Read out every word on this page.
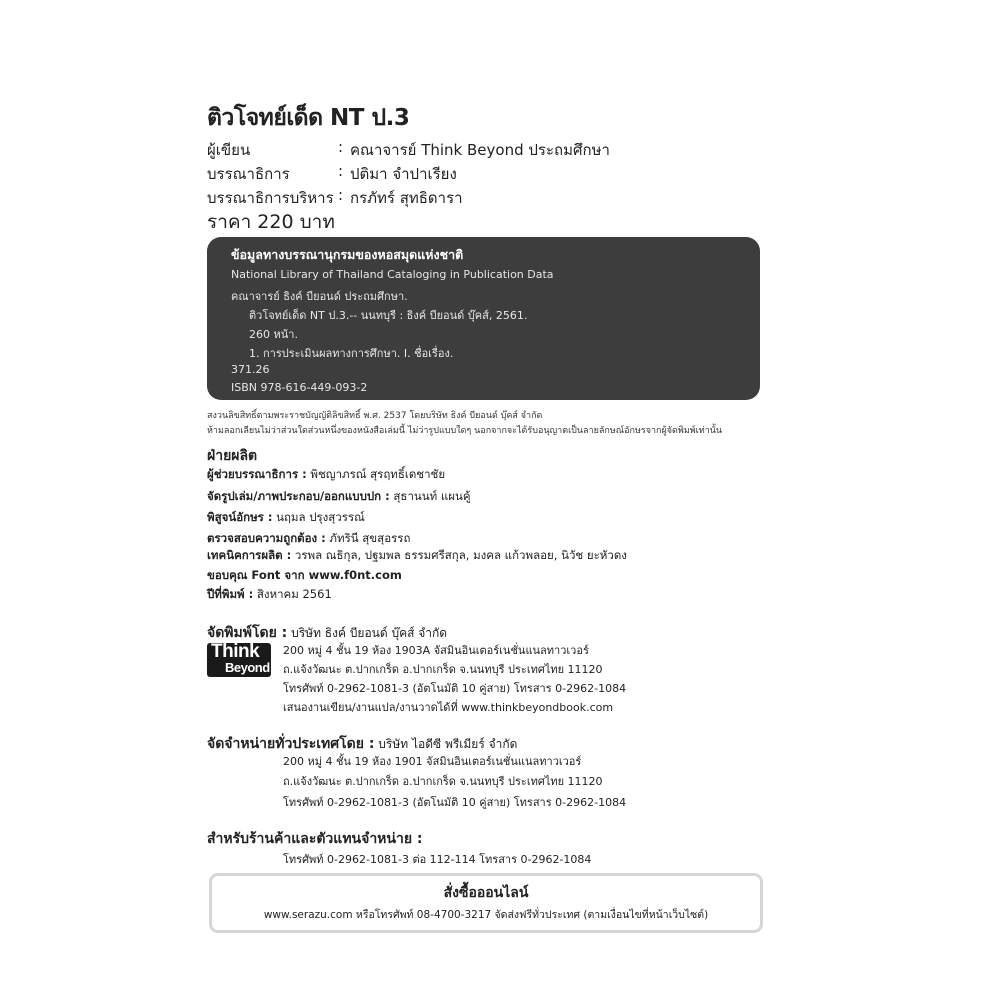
ติวโจทย์เด็ด NT ป.3
ผู้เขียน	: คณาจารย์ Think Beyond ประถมศึกษา
บรรณาธิการ	: ปติมา จำปาเรียง
บรรณาธิการบริหาร : กรภัทร์ สุทธิดารา
ราคา 220 บาท
ข้อมูลทางบรรณานุกรมของหอสมุดแห่งชาติ
National Library of Thailand Cataloging in Publication Data
คณาจารย์ ธิงค์ บียอนด์ ประถมศึกษา.
ติวโจทย์เด็ด NT ป.3.-- นนทบุรี : ธิงค์ บียอนด์ บุ๊คส์, 2561.
260 หน้า.
1. การประเมินผลทางการศึกษา. I. ชื่อเรื่อง.
371.26
ISBN 978-616-449-093-2
สงวนลิขสิทธิ์ตามพระราชบัญญัติลิขสิทธิ์ พ.ศ. 2537 โดยบริษัท ธิงค์ บียอนด์ บุ๊คส์ จำกัด
ห้ามลอกเลียนไม่ว่าส่วนใดส่วนหนึ่งของหนังสือเล่มนี้ ไม่ว่ารูปแบบใดๆ นอกจากจะได้รับอนุญาตเป็นลายลักษณ์อักษรจากผู้จัดพิมพ์เท่านั้น
ฝ่ายผลิต
ผู้ช่วยบรรณาธิการ : พิชญาภรณ์ สุรฤทธิ์เดชาชัย
จัดรูปเล่ม/ภาพประกอบ/ออกแบบปก : สุธานนท์ แผนคู้
พิสูจน์อักษร : นฤมล ปรุงสุวรรณ์
ตรวจสอบความถูกต้อง : ภัทรินี สุขสุอรรถ
เทคนิคการผลิต : วรพล ณธิกุล, ปฐมพล ธรรมศรีสกุล, มงคล แก้วพลอย, นิวัช ยะหัวดง
ขอบคุณ Font จาก www.f0nt.com
ปีที่พิมพ์ : สิงหาคม 2561
จัดพิมพ์โดย : บริษัท ธิงค์ บียอนด์ บุ๊คส์ จำกัด
Think
Beyond
200 หมู่ 4 ชั้น 19 ห้อง 1903A จัสมินอินเตอร์เนชั่นแนลทาวเวอร์
ถ.แจ้งวัฒนะ ต.ปากเกร็ด อ.ปากเกร็ด จ.นนทบุรี ประเทศไทย 11120
โทรศัพท์ 0-2962-1081-3 (อัตโนมัติ 10 คู่สาย) โทรสาร 0-2962-1084
เสนองานเขียน/งานแปล/งานวาดได้ที่ www.thinkbeyondbook.com
จัดจำหน่ายทั่วประเทศโดย : บริษัท ไอดีซี พรีเมียร์ จำกัด
200 หมู่ 4 ชั้น 19 ห้อง 1901 จัสมินอินเตอร์เนชั่นแนลทาวเวอร์
ถ.แจ้งวัฒนะ ต.ปากเกร็ด อ.ปากเกร็ด จ.นนทบุรี ประเทศไทย 11120
โทรศัพท์ 0-2962-1081-3 (อัตโนมัติ 10 คู่สาย) โทรสาร 0-2962-1084
สำหรับร้านค้าและตัวแทนจำหน่าย :
โทรศัพท์ 0-2962-1081-3 ต่อ 112-114 โทรสาร 0-2962-1084
สั่งซื้อออนไลน์
www.serazu.com หรือโทรศัพท์ 08-4700-3217 จัดส่งฟรีทั่วประเทศ (ตามเงื่อนไขที่หน้าเว็บไซต์)
